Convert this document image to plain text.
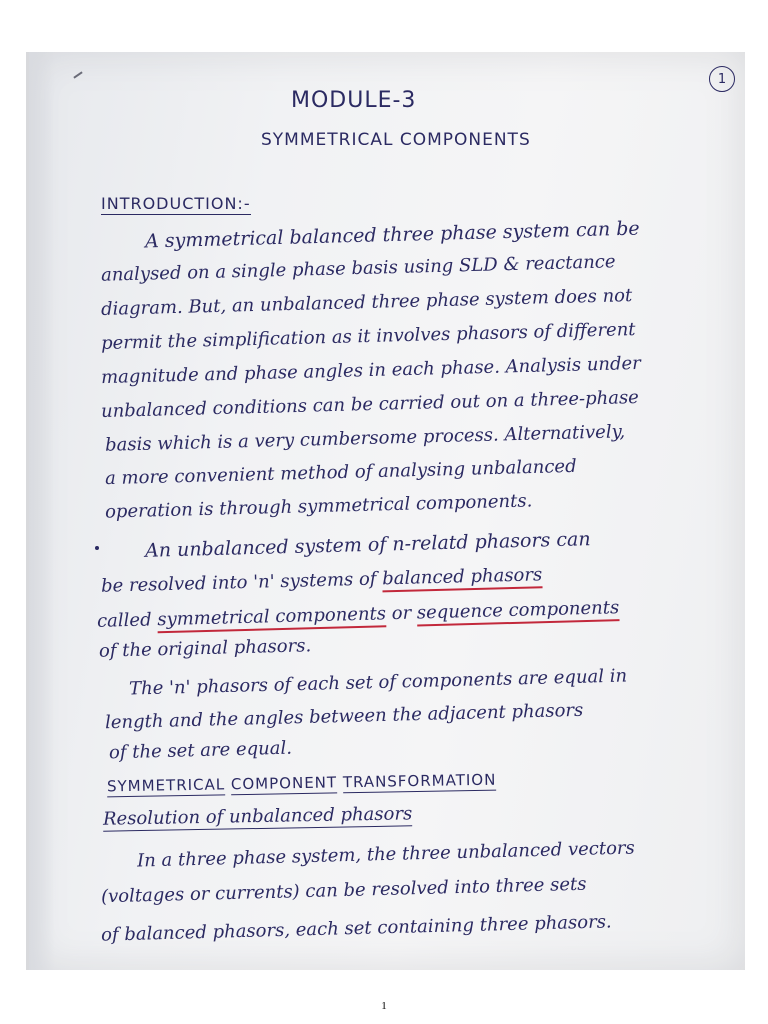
1
MODULE-3
SYMMETRICAL COMPONENTS
INTRODUCTION:-
A symmetrical balanced three phase system can be
analysed on a single phase basis using SLD & reactance
diagram. But, an unbalanced three phase system does not
permit the simplification as it involves phasors of different
magnitude and phase angles in each phase. Analysis under
unbalanced conditions can be carried out on a three-phase
basis which is a very cumbersome process. Alternatively,
a more convenient method of analysing unbalanced
operation is through symmetrical components.
An unbalanced system of n-relatd phasors can
be resolved into 'n' systems of balanced phasors
called symmetrical components or sequence components
of the original phasors.
The 'n' phasors of each set of components are equal in
length and the angles between the adjacent phasors
of the set are equal.
SYMMETRICAL COMPONENT TRANSFORMATION
Resolution of unbalanced phasors
In a three phase system, the three unbalanced vectors
(voltages or currents) can be resolved into three sets
of balanced phasors, each set containing three phasors.
1
